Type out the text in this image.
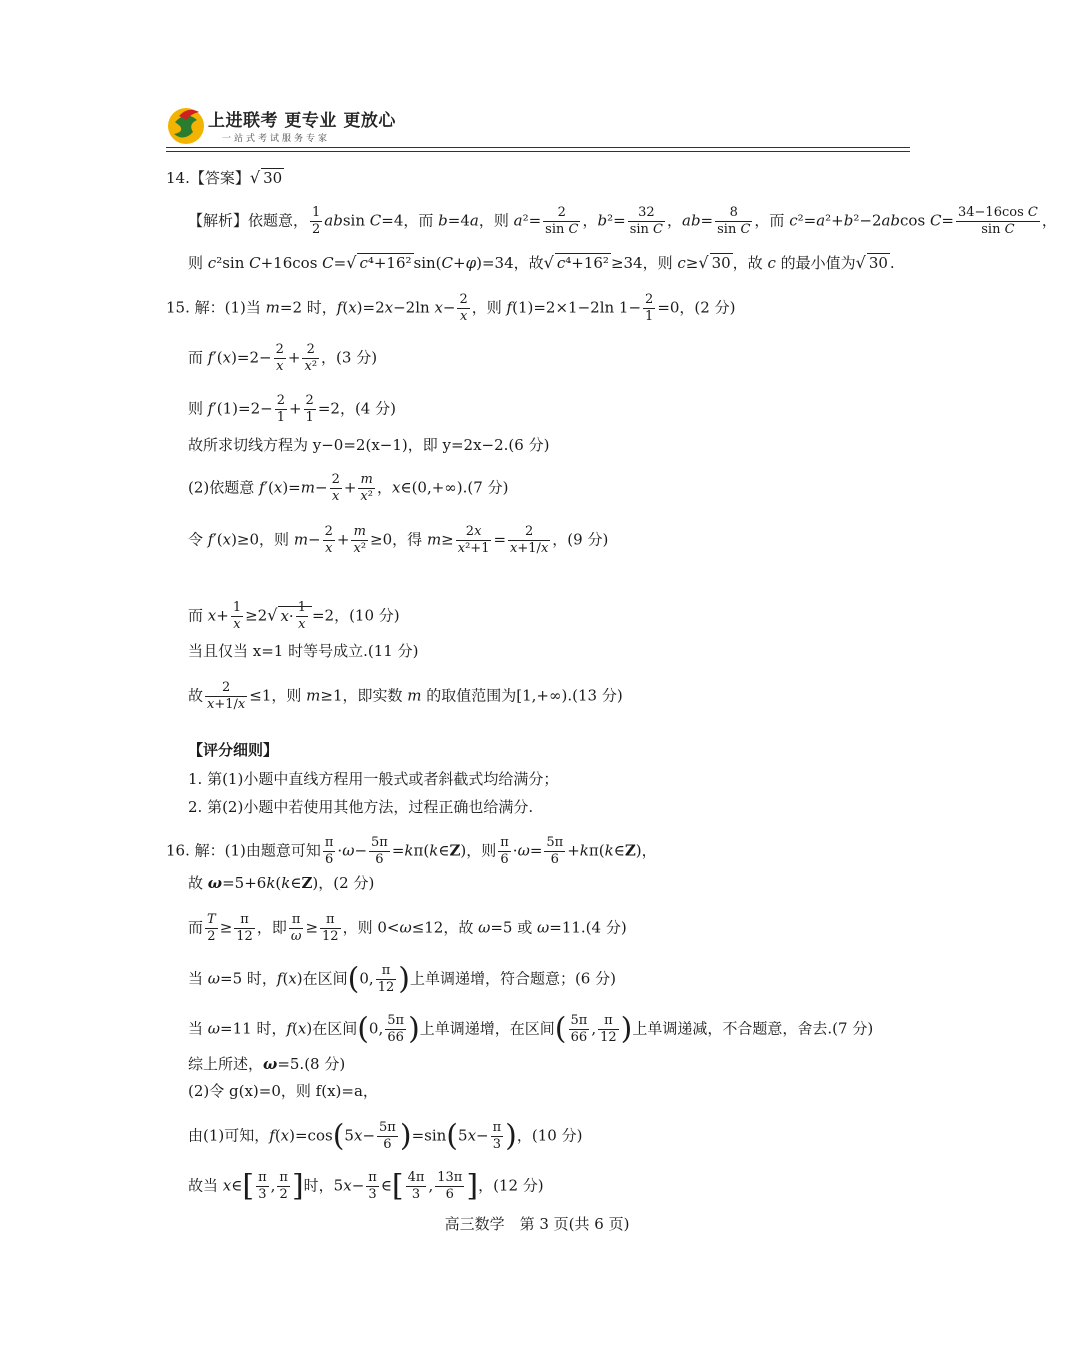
上进联考 更专业 更放心
一站式考试服务专家
14.【答案】√ 30
【解析】依题意， $\frac{1}{2}$ absin C=4，而 b=4a，则 $a^2= \frac{2}{\text{sin C}}$ ，$b^2= \frac{32}{\text{sin C}}$ ，$ab= \frac{8}{\text{sin C}}$ ，而 c²=a²+b²−2abcos $C= \frac{\text{34−16cos C}}{\text{sin C}}$ ，
则 c²sin C+16cos C=√ c⁴+16² sin(C+φ)=34，故√ c⁴+16² ≥34，则 c≥√ 30 ，故 c 的最小值为√ 30 .
15. 解：(1)当 m=2 时，f(x)=2x−2ln $x- \frac{2}{x}$ ，则 f(1)=2×1−2ln $1- \frac{2}{1} =0$，(2 分)
而 $f'(x)=2- \frac{2}{x} + \frac{2}{\text{x²}}$ ，(3 分)
则 $f'(1)=2- \frac{2}{1} + \frac{2}{1} =2$，(4 分)
故所求切线方程为 y−0=2(x−1)，即 y=2x−2.(6 分)
(2)依题意 $f'(x)=m- \frac{2}{x} + \frac{m}{\text{x²}}$ ，x∈(0,+∞).(7 分)
令 f′(x)≥0，则 $m- \frac{2}{x} + \frac{m}{\text{x²}} \ge 0$，得 $m\ge \frac{2x}{\text{x²+1}} = \frac{2}{x+1/x}$ ，(9 分)
而 $x+ \frac{1}{x} \ge 2√$ $x\cdot \frac{1}{x} =2$，(10 分)
当且仅当 x=1 时等号成立.(11 分)
故 $\frac{2}{x+1/x} \le 1$，则 m≥1，即实数 m 的取值范围为[1,+∞).(13 分)
【评分细则】
1. 第(1)小题中直线方程用一般式或者斜截式均给满分；
2. 第(2)小题中若使用其他方法，过程正确也给满分.
16. 解：(1)由题意可知 $\frac{\pi}{6} \cdot\omega- \frac{5\pi}{6}$ =kπ(k∈Z)，则 $\frac{\pi}{6} \cdot\omega= \frac{5\pi}{6}$ +kπ(k∈Z)，
故 ω=5+6k(k∈Z)，(2 分)
而 $\frac{T}{2} \ge \frac{\pi}{12}$ ，即 $\frac{\pi}{\omega} \ge \frac{\pi}{12}$ ，则 0<ω≤12，故 ω=5 或 ω=11.(4 分)
当 ω=5 时，f(x)在区间(0, $\frac{\pi}{12}$ )上单调递增，符合题意；(6 分)
当 ω=11 时，f(x)在区间(0, $\frac{5\pi}{66}$ )上单调递增，在区间( $\frac{5\pi}{66}$ , $\frac{\pi}{12}$ )上单调递减，不合题意，舍去.(7 分)
综上所述，ω=5.(8 分)
(2)令 g(x)=0，则 f(x)=a，
由(1)可知，$f(x)=\cos(5x- \frac{5\pi}{6} )=\sin(5x- \frac{\pi}{3}$ )，(10 分)
故当 x∈[ $\frac{\pi}{3}$ , $\frac{\pi}{2}$ ]时，$5x- \frac{\pi}{3}$ ∈[ $\frac{4\pi}{3}$ , $\frac{13\pi}{6}$ ]，(12 分)
高三数学　第 3 页(共 6 页)
